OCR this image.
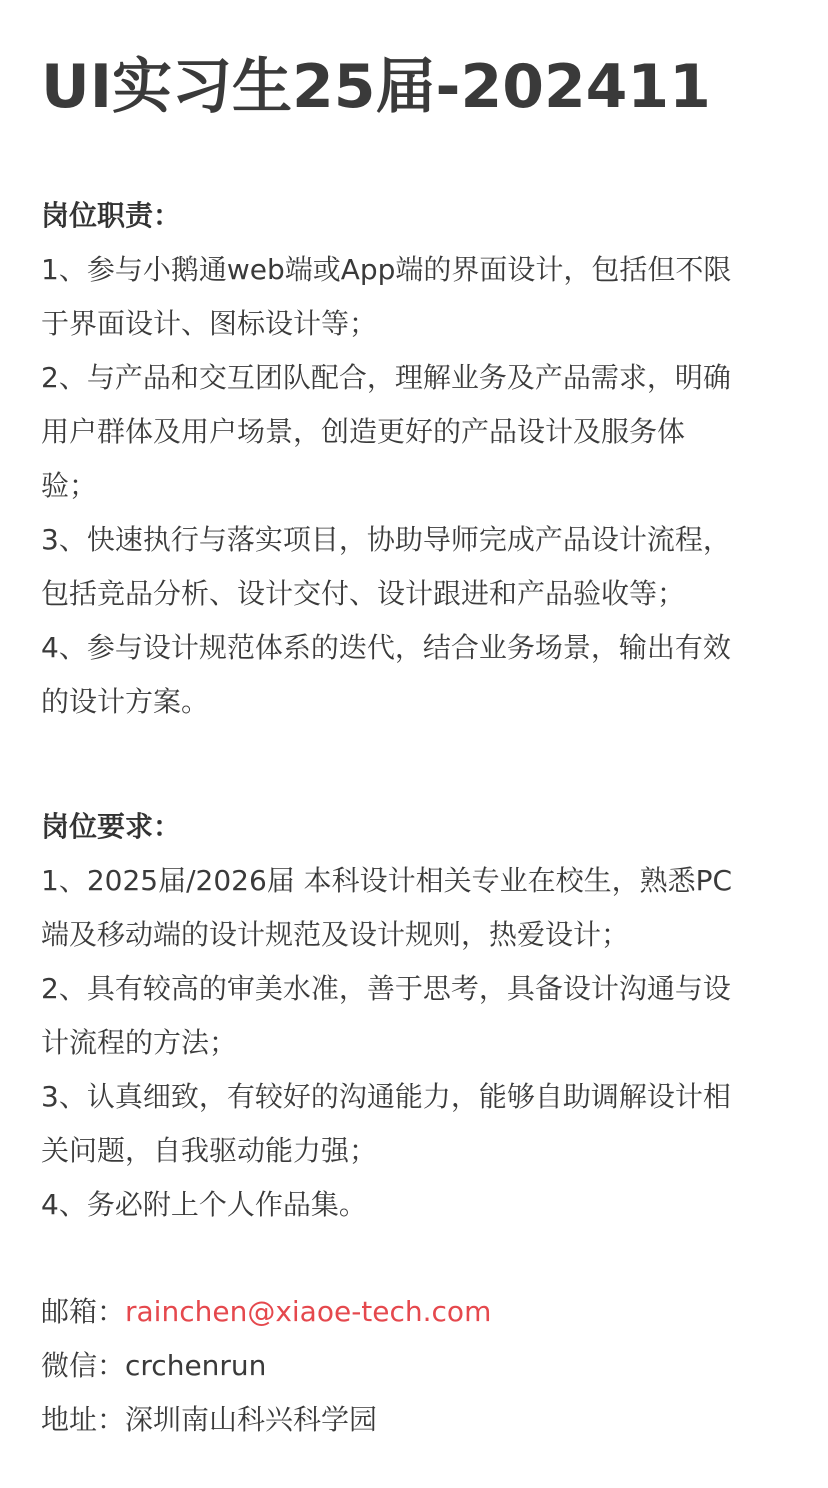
UI实习生25届-202411

岗位职责：

1、参与小鹅通web端或App端的界面设计，包括但不限

于界面设计、图标设计等；

2、与产品和交互团队配合，理解业务及产品需求，明确

用户群体及用户场景，创造更好的产品设计及服务体

验；

3、快速执行与落实项目，协助导师完成产品设计流程，

包括竞品分析、设计交付、设计跟进和产品验收等；

4、参与设计规范体系的迭代，结合业务场景，输出有效

的设计方案。

岗位要求：

1、2025届/2026届 本科设计相关专业在校生，熟悉PC

端及移动端的设计规范及设计规则，热爱设计；

2、具有较高的审美水准，善于思考，具备设计沟通与设

计流程的方法；

3、认真细致，有较好的沟通能力，能够自助调解设计相

关问题，自我驱动能力强；

4、务必附上个人作品集。

邮箱：rainchen@xiaoe-tech.com

微信：crchenrun

地址：深圳南山科兴科学园
